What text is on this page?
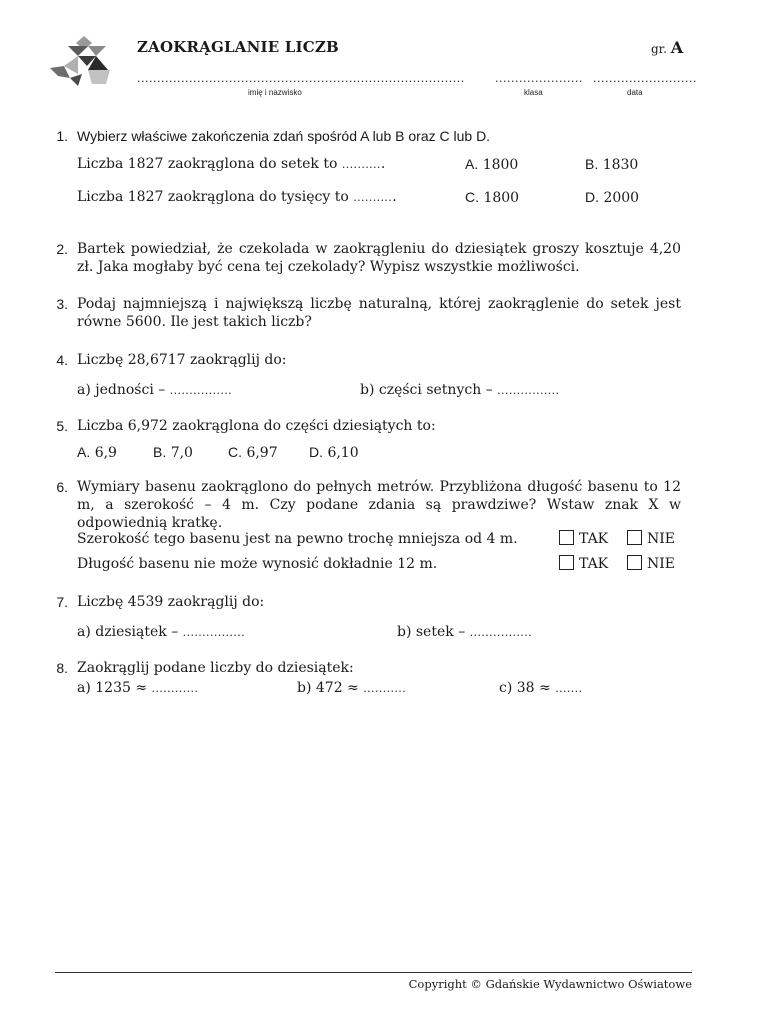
ZAOKRĄGLANIE LICZB	gr. A
..................................................................................	...................... ..........................
imię i nazwisko	klasa	data
1. Wybierz właściwe zakończenia zdań spośród A lub B oraz C lub D.
Liczba 1827 zaokrąglona do setek to ...........	A. 1800	B. 1830
Liczba 1827 zaokrąglona do tysięcy to ...........	C. 1800	D. 2000
2. Bartek powiedział, że czekolada w zaokrągleniu do dziesiątek groszy kosztuje 4,20 zł. Jaka mogłaby być cena tej czekolady? Wypisz wszystkie możliwości.
3. Podaj najmniejszą i największą liczbę naturalną, której zaokrąglenie do setek jest równe 5600. Ile jest takich liczb?
4. Liczbę 28,6717 zaokrąglij do:
a) jedności – ................	b) części setnych – ................
5. Liczba 6,972 zaokrąglona do części dziesiątych to:
A. 6,9	B. 7,0	C. 6,97 D. 6,10
6. Wymiary basenu zaokrąglono do pełnych metrów. Przybliżona długość basenu to 12 m, a szerokość – 4 m. Czy podane zdania są prawdziwe? Wstaw znak X w odpowiednią kratkę.
Szerokość tego basenu jest na pewno trochę mniejsza od 4 m.	TAK	NIE
Długość basenu nie może wynosić dokładnie 12 m.	TAK	NIE
7. Liczbę 4539 zaokrąglij do:
a) dziesiątek – ................	b) setek – ................
8. Zaokrąglij podane liczby do dziesiątek:
a) 1235 ≈ ............	b) 472 ≈ ...........	c) 38 ≈ .......
Copyright © Gdańskie Wydawnictwo Oświatowe
